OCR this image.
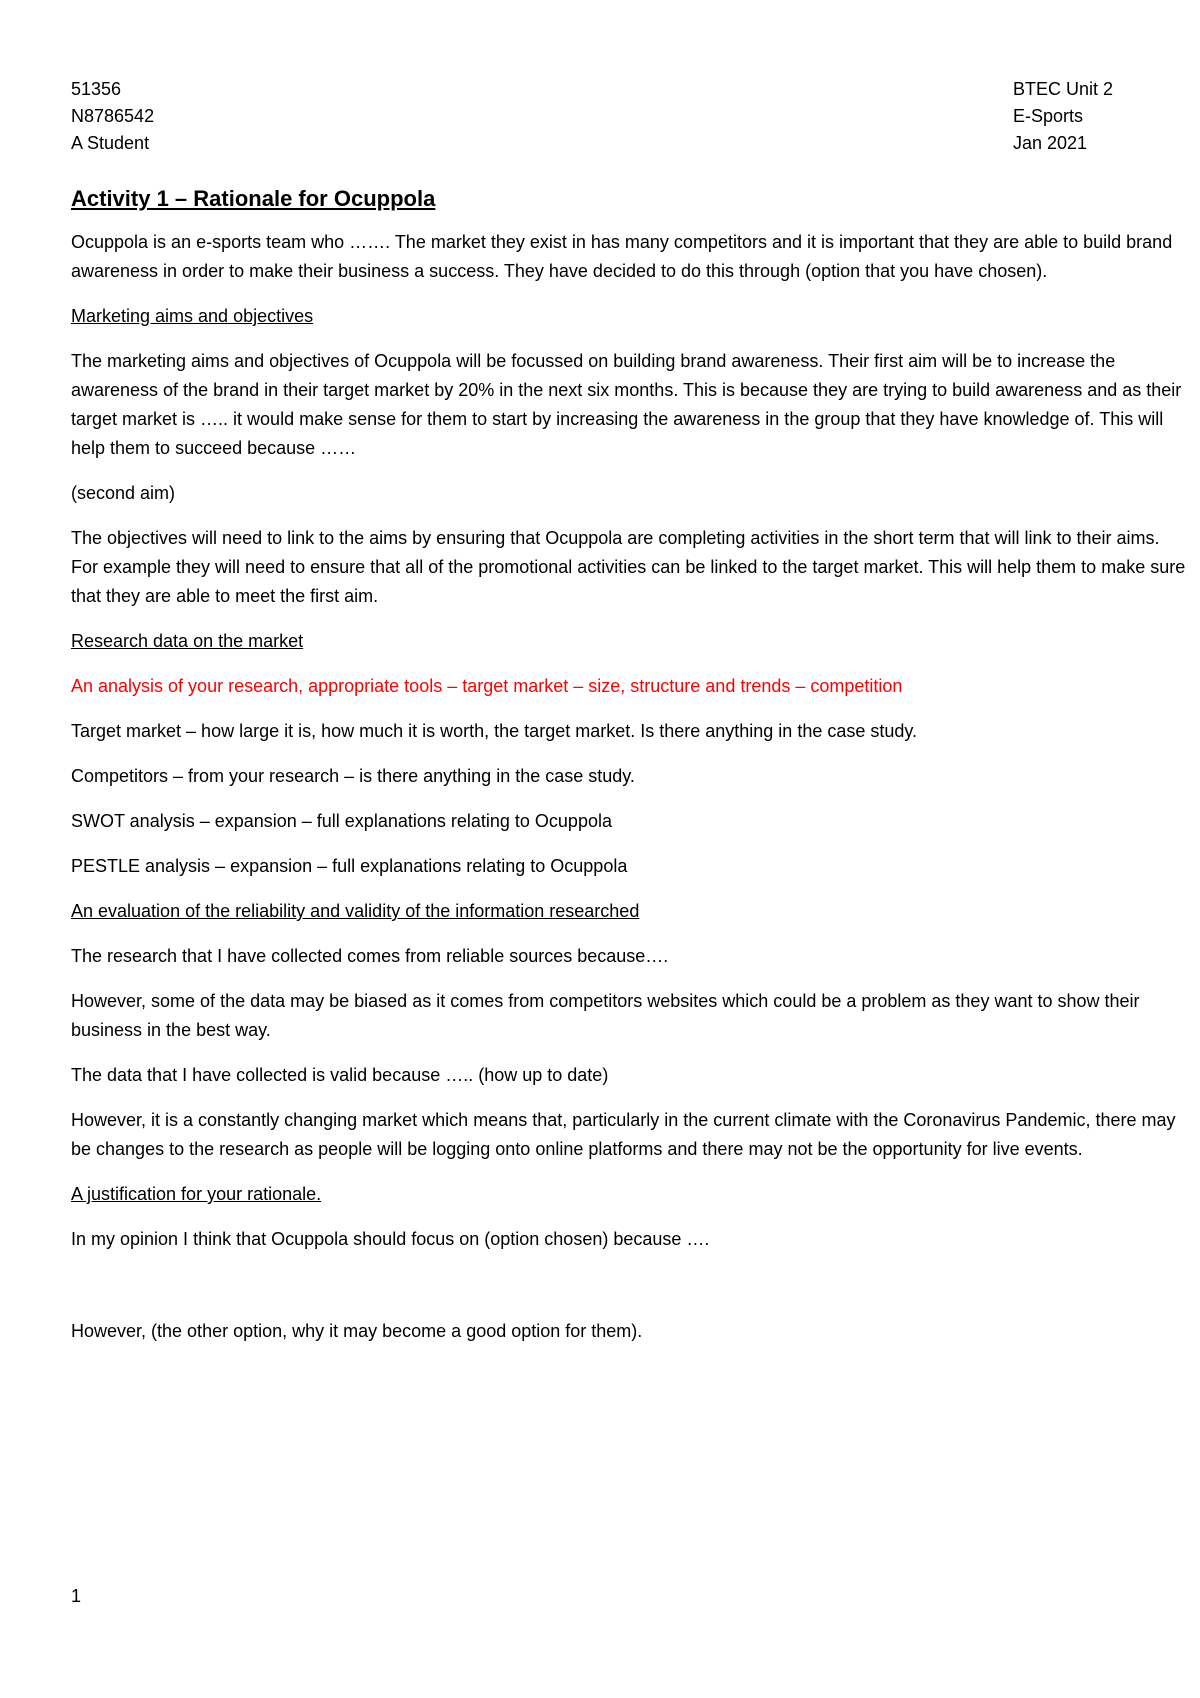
51356
N8786542
A Student
BTEC Unit 2
E-Sports
Jan 2021
Activity 1 – Rationale for Ocuppola

Ocuppola is an e-sports team who ……. The market they exist in has many competitors and it is important that they are able to build brand awareness in order to make their business a success. They have decided to do this through (option that you have chosen).

Marketing aims and objectives

The marketing aims and objectives of Ocuppola will be focussed on building brand awareness. Their first aim will be to increase the awareness of the brand in their target market by 20% in the next six months. This is because they are trying to build awareness and as their target market is ….. it would make sense for them to start by increasing the awareness in the group that they have knowledge of. This will help them to succeed because ……

(second aim)

The objectives will need to link to the aims by ensuring that Ocuppola are completing activities in the short term that will link to their aims. For example they will need to ensure that all of the promotional activities can be linked to the target market. This will help them to make sure that they are able to meet the first aim.

Research data on the market

An analysis of your research, appropriate tools – target market – size, structure and trends – competition

Target market – how large it is, how much it is worth, the target market. Is there anything in the case study.

Competitors – from your research – is there anything in the case study.

SWOT analysis – expansion – full explanations relating to Ocuppola

PESTLE analysis – expansion – full explanations relating to Ocuppola

An evaluation of the reliability and validity of the information researched

The research that I have collected comes from reliable sources because….

However, some of the data may be biased as it comes from competitors websites which could be a problem as they want to show their business in the best way.

The data that I have collected is valid because ….. (how up to date)

However, it is a constantly changing market which means that, particularly in the current climate with the Coronavirus Pandemic, there may be changes to the research as people will be logging onto online platforms and there may not be the opportunity for live events.

A justification for your rationale.

In my opinion I think that Ocuppola should focus on (option chosen) because ….

However, (the other option, why it may become a good option for them).

1
